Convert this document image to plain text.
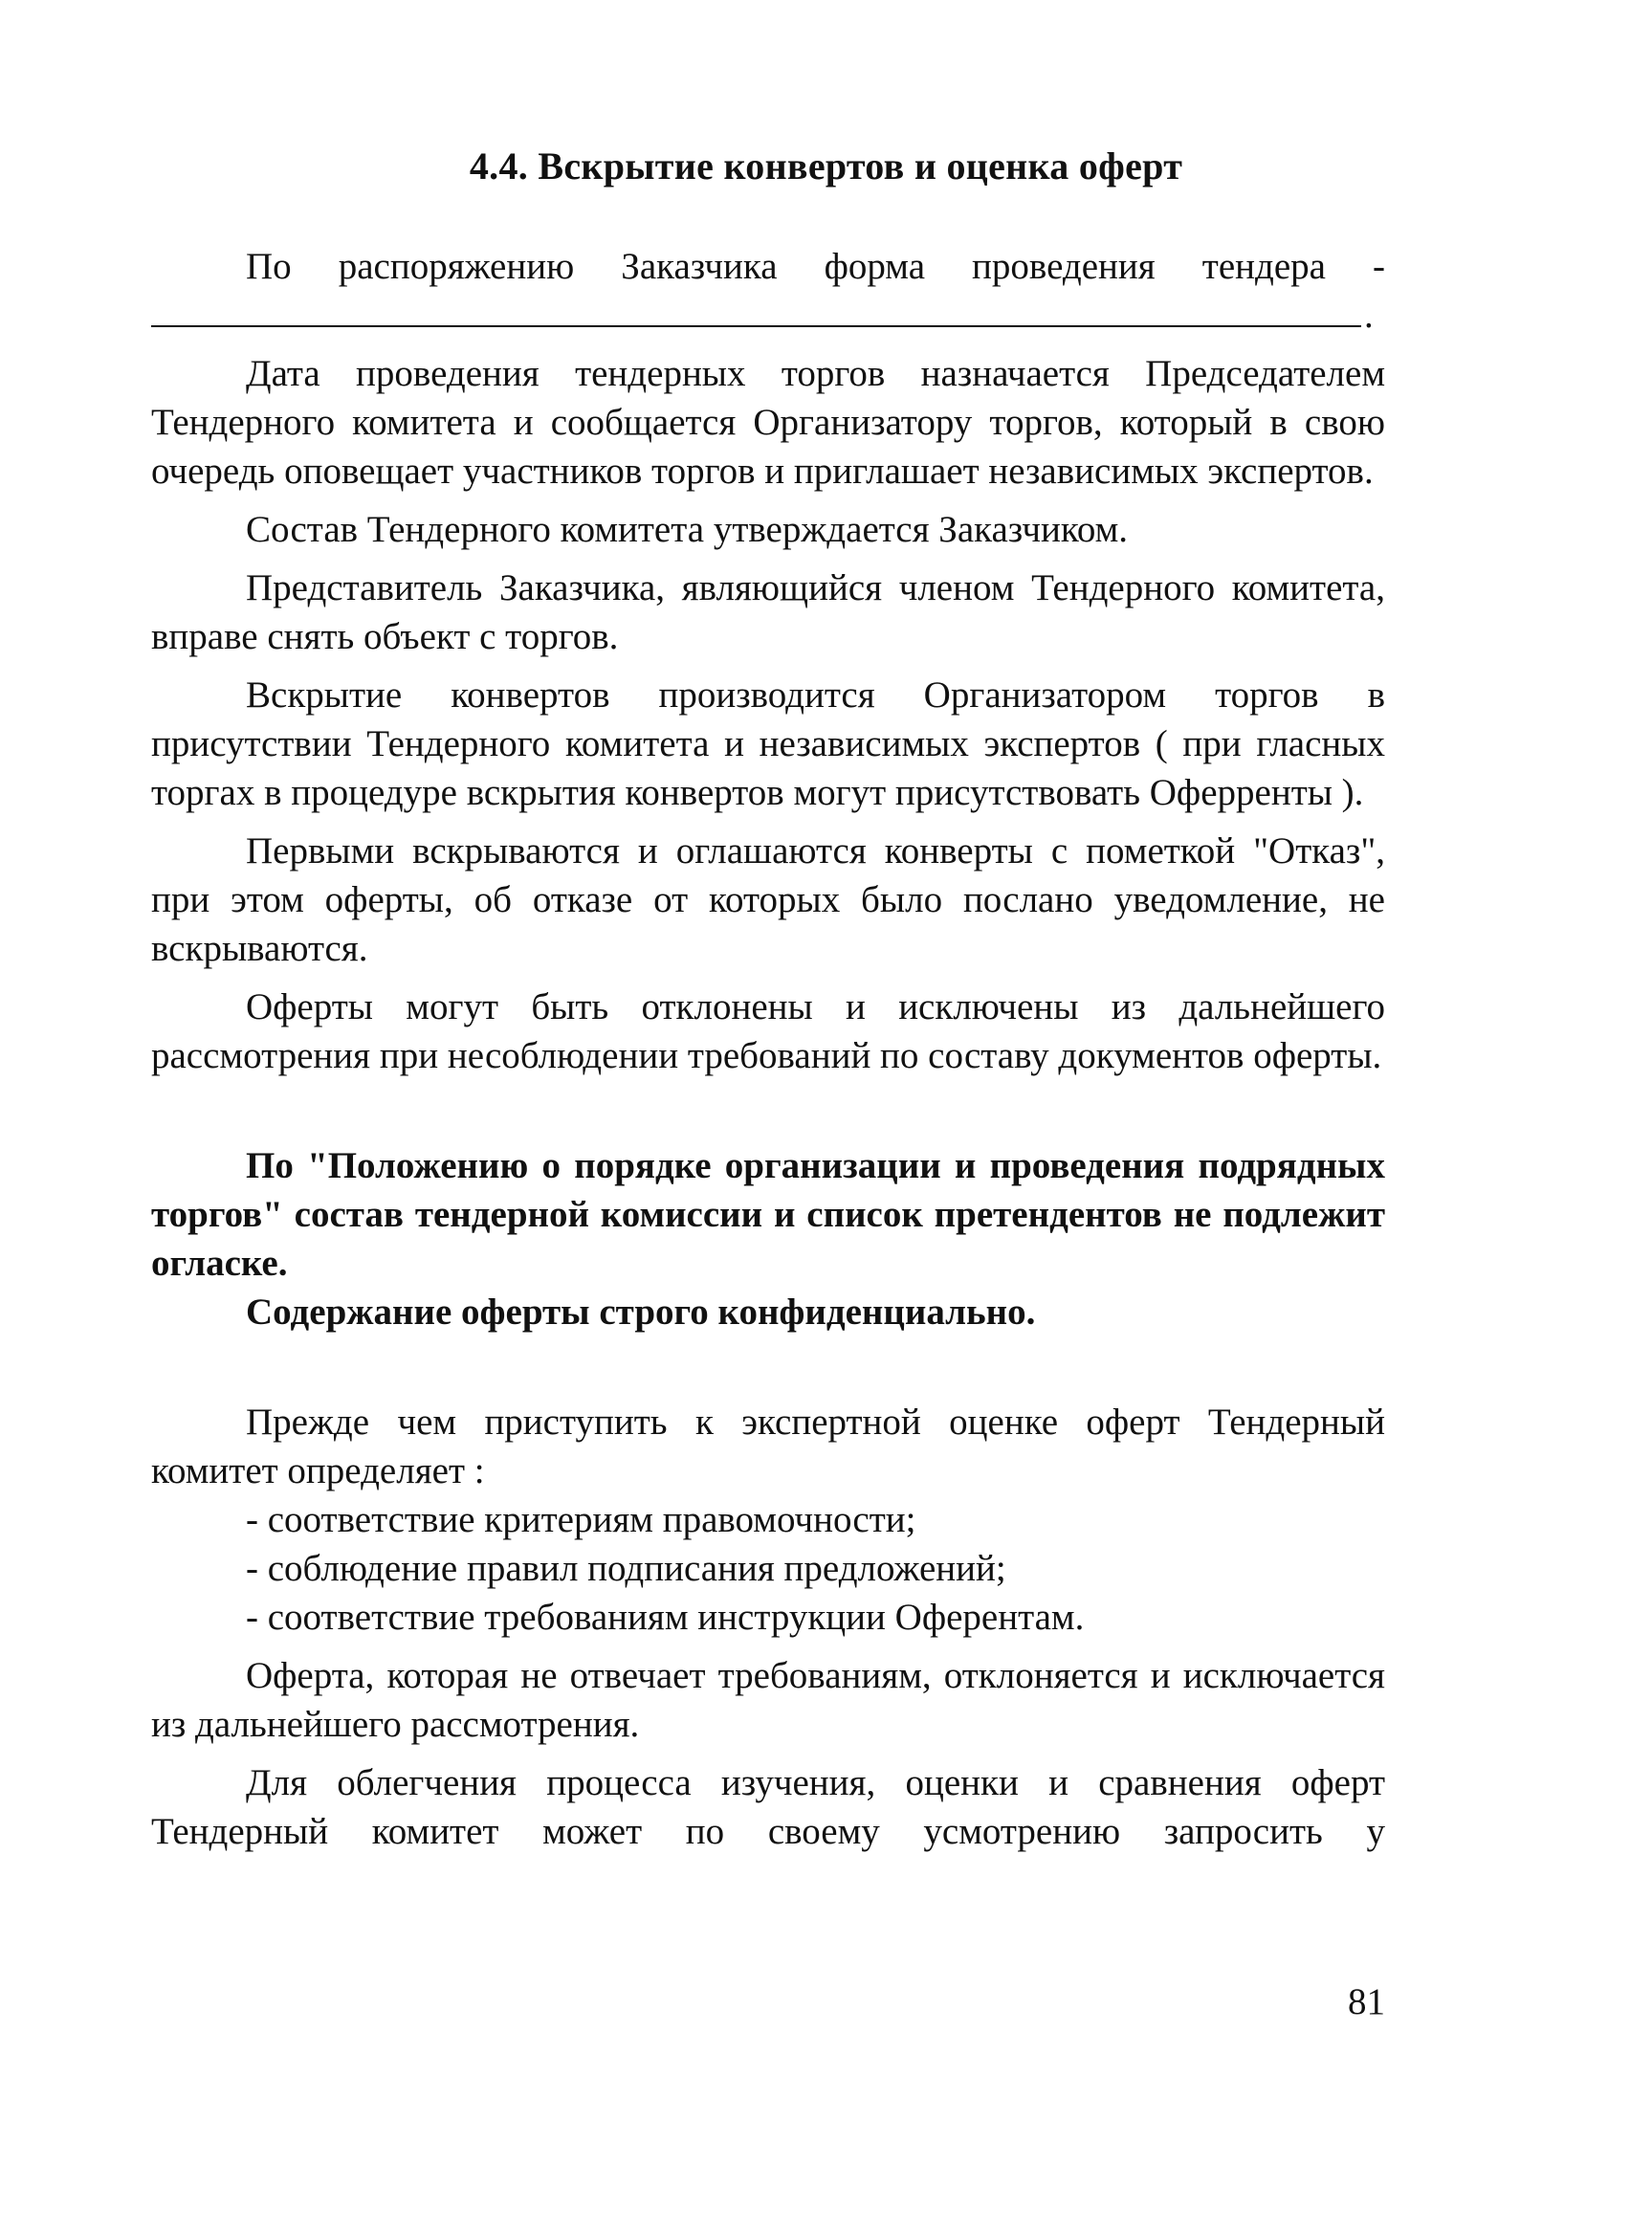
4.4. Вскрытие конвертов и оценка оферт

По распоряжению Заказчика форма проведения тендера -

.

Дата проведения тендерных торгов назначается Председателем Тендерного комитета и сообщается Организатору торгов, который в свою очередь оповещает участников торгов и приглашает независимых экспертов.

Состав Тендерного комитета утверждается Заказчиком.

Представитель Заказчика, являющийся членом Тендерного комитета, вправе снять объект с торгов.

Вскрытие конвертов производится Организатором торгов в присутствии Тендерного комитета и независимых экспертов ( при гласных торгах в процедуре вскрытия конвертов могут присутствовать Оферренты ).

Первыми вскрываются и оглашаются конверты с пометкой "Отказ", при этом оферты, об отказе от которых было послано уведомление, не вскрываются.

Оферты могут быть отклонены и исключены из дальнейшего рассмотрения при несоблюдении требований по составу документов оферты.

По "Положению о порядке организации и проведения подрядных торгов" состав тендерной комиссии и список претендентов не подлежит огласке.

Содержание оферты строго конфиденциально.

Прежде чем приступить к экспертной оценке оферт Тендерный комитет определяет :

- соответствие критериям правомочности;

- соблюдение правил подписания предложений;

- соответствие требованиям инструкции Оферентам.

Оферта, которая не отвечает требованиям, отклоняется и исключается из дальнейшего рассмотрения.

Для облегчения процесса изучения, оценки и сравнения оферт Тендерный комитет может по своему усмотрению запросить у

81
